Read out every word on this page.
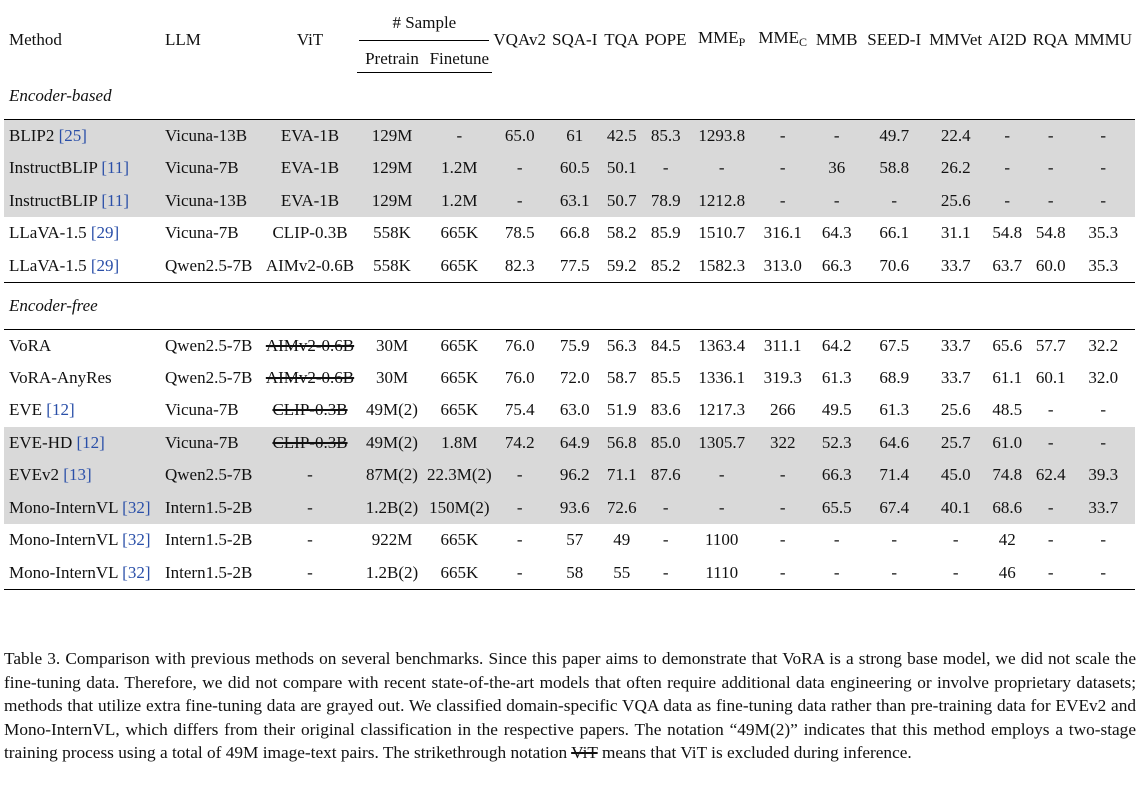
Method	LLM	ViT	# Sample		VQAv2	SQA-I	TQA	POPE	$MME_P$	$MME_C$	MMB	SEED-I	MMVet	AI2D	RQA	MMMU
			Pretrain	Finetune												
Encoder-based																
BLIP2 [25]	Vicuna-13B	EVA-1B	129M	-	65.0	61	42.5	85.3	1293.8	-	-	49.7	22.4	-	-	-
InstructBLIP [11]	Vicuna-7B	EVA-1B	129M	1.2M	-	60.5	50.1	-	-	-	36	58.8	26.2	-	-	-
InstructBLIP [11]	Vicuna-13B	EVA-1B	129M	1.2M	-	63.1	50.7	78.9	1212.8	-	-	-	25.6	-	-	-
LLaVA-1.5 [29]	Vicuna-7B	CLIP-0.3B	558K	665K	78.5	66.8	58.2	85.9	1510.7	316.1	64.3	66.1	31.1	54.8	54.8	35.3
LLaVA-1.5 [29]	Qwen2.5-7B	AIMv2-0.6B	558K	665K	82.3	77.5	59.2	85.2	1582.3	313.0	66.3	70.6	33.7	63.7	60.0	35.3
Encoder-free																
VoRA	Qwen2.5-7B	AIMv2-0.6B	30M	665K	76.0	75.9	56.3	84.5	1363.4	311.1	64.2	67.5	33.7	65.6	57.7	32.2
VoRA-AnyRes	Qwen2.5-7B	AIMv2-0.6B	30M	665K	76.0	72.0	58.7	85.5	1336.1	319.3	61.3	68.9	33.7	61.1	60.1	32.0
EVE [12]	Vicuna-7B	CLIP-0.3B	49M(2)	665K	75.4	63.0	51.9	83.6	1217.3	266	49.5	61.3	25.6	48.5	-	-
EVE-HD [12]	Vicuna-7B	CLIP-0.3B	49M(2)	1.8M	74.2	64.9	56.8	85.0	1305.7	322	52.3	64.6	25.7	61.0	-	-
EVEv2 [13]	Qwen2.5-7B	-	87M(2)	22.3M(2)	-	96.2	71.1	87.6	-	-	66.3	71.4	45.0	74.8	62.4	39.3
Mono-InternVL [32]	Intern1.5-2B	-	1.2B(2)	150M(2)	-	93.6	72.6	-	-	-	65.5	67.4	40.1	68.6	-	33.7
Mono-InternVL [32]	Intern1.5-2B	-	922M	665K	-	57	49	-	1100	-	-	-	-	42	-	-
Mono-InternVL [32]	Intern1.5-2B	-	1.2B(2)	665K	-	58	55	-	1110	-	-	-	-	46	-	-
Table 3. Comparison with previous methods on several benchmarks. Since this paper aims to demonstrate that VoRA is a strong base model, we did not scale the fine-tuning data. Therefore, we did not compare with recent state-of-the-art models that often require additional data engineering or involve proprietary datasets; methods that utilize extra fine-tuning data are grayed out. We classified domain-specific VQA data as fine-tuning data rather than pre-training data for EVEv2 and Mono-InternVL, which differs from their original classification in the respective papers. The notation “49M(2)” indicates that this method employs a two-stage training process using a total of 49M image-text pairs. The strikethrough notation ViT means that ViT is excluded during inference.
